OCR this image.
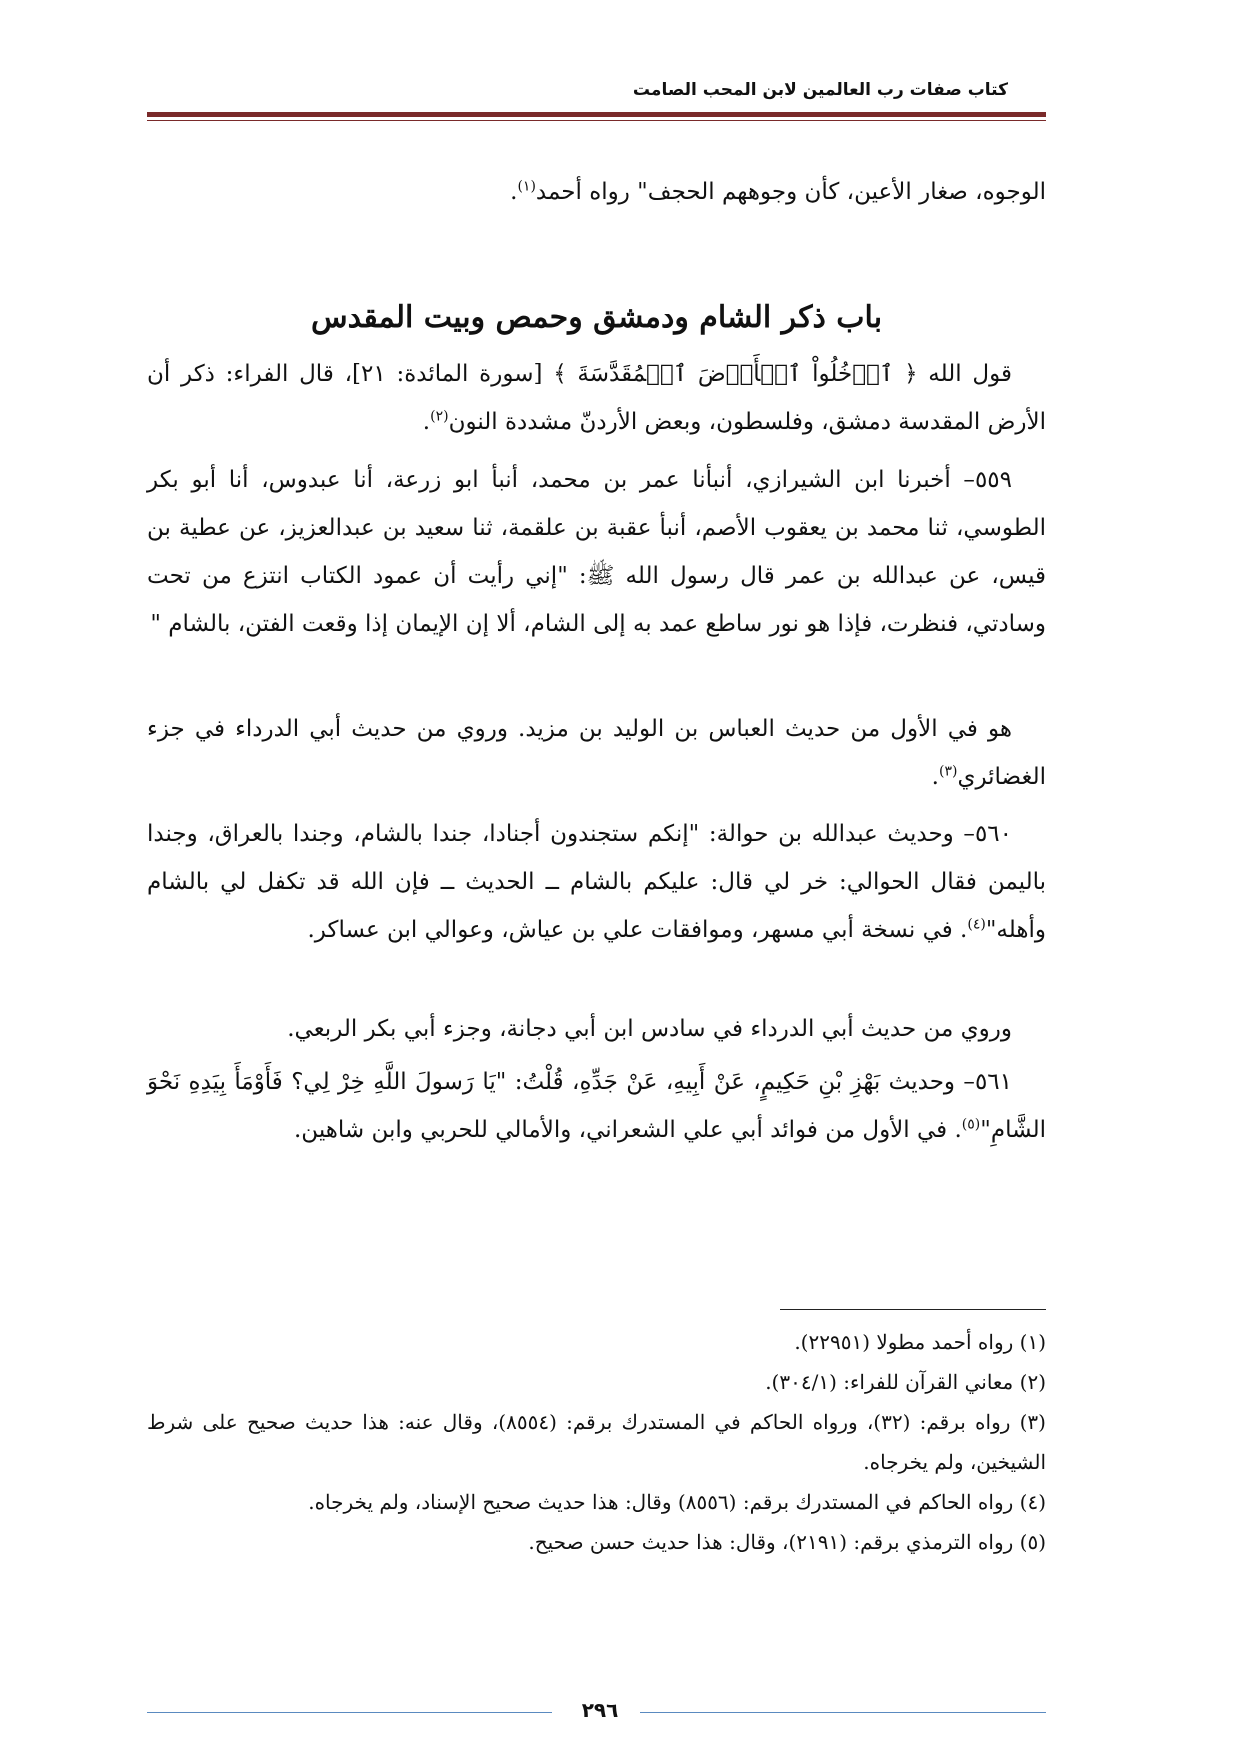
كتاب صفات رب العالمين لابن المحب الصامت
الوجوه، صغار الأعين، كأن وجوههم الحجف" رواه أحمد$^{(١)}$.
باب ذكر الشام ودمشق وحمص وبيت المقدس
قول الله ﴿ ٱدۡخُلُواْ ٱلۡأَرۡضَ ٱلۡمُقَدَّسَةَ ﴾ [سورة المائدة: ٢١]، قال الفراء: ذكر أن الأرض المقدسة دمشق، وفلسطون، وبعض الأردنّ مشددة النون$^{(٢)}$.
٥٥٩– أخبرنا ابن الشيرازي، أنبأنا عمر بن محمد، أنبأ ابو زرعة، أنا عبدوس، أنا أبو بكر الطوسي، ثنا محمد بن يعقوب الأصم، أنبأ عقبة بن علقمة، ثنا سعيد بن عبدالعزيز، عن عطية بن قيس، عن عبدالله بن عمر قال رسول الله ﷺ: "إني رأيت أن عمود الكتاب انتزع من تحت وسادتي، فنظرت، فإذا هو نور ساطع عمد به إلى الشام، ألا إن الإيمان إذا وقعت الفتن، بالشام "
هو في الأول من حديث العباس بن الوليد بن مزيد. وروي من حديث أبي الدرداء في جزء الغضائري$^{(٣)}$.
٥٦٠– وحديث عبدالله بن حوالة: "إنكم ستجندون أجنادا، جندا بالشام، وجندا بالعراق، وجندا باليمن فقال الحوالي: خر لي قال: عليكم بالشام ــ الحديث ــ فإن الله قد تكفل لي بالشام وأهله"$^{(٤)}$. في نسخة أبي مسهر، وموافقات علي بن عياش، وعوالي ابن عساكر.
وروي من حديث أبي الدرداء في سادس ابن أبي دجانة، وجزء أبي بكر الربعي.
٥٦١– وحديث بَهْزِ بْنِ حَكِيمٍ، عَنْ أَبِيهِ، عَنْ جَدِّهِ، قُلْتُ: "يَا رَسولَ اللَّهِ خِرْ لِي؟ فَأَوْمَأَ بِيَدِهِ نَحْوَ الشَّامِ"$^{(٥)}$. في الأول من فوائد أبي علي الشعراني، والأمالي للحربي وابن شاهين.
(١) رواه أحمد مطولا (٢٢٩٥١).
(٢) معاني القرآن للفراء: (٣٠٤/١).
(٣) رواه برقم: (٣٢)، ورواه الحاكم في المستدرك برقم: (٨٥٥٤)، وقال عنه: هذا حديث صحيح على شرط الشيخين، ولم يخرجاه.
(٤) رواه الحاكم في المستدرك برقم: (٨٥٥٦) وقال: هذا حديث صحيح الإسناد، ولم يخرجاه.
(٥) رواه الترمذي برقم: (٢١٩١)، وقال: هذا حديث حسن صحيح.
٢٩٦
